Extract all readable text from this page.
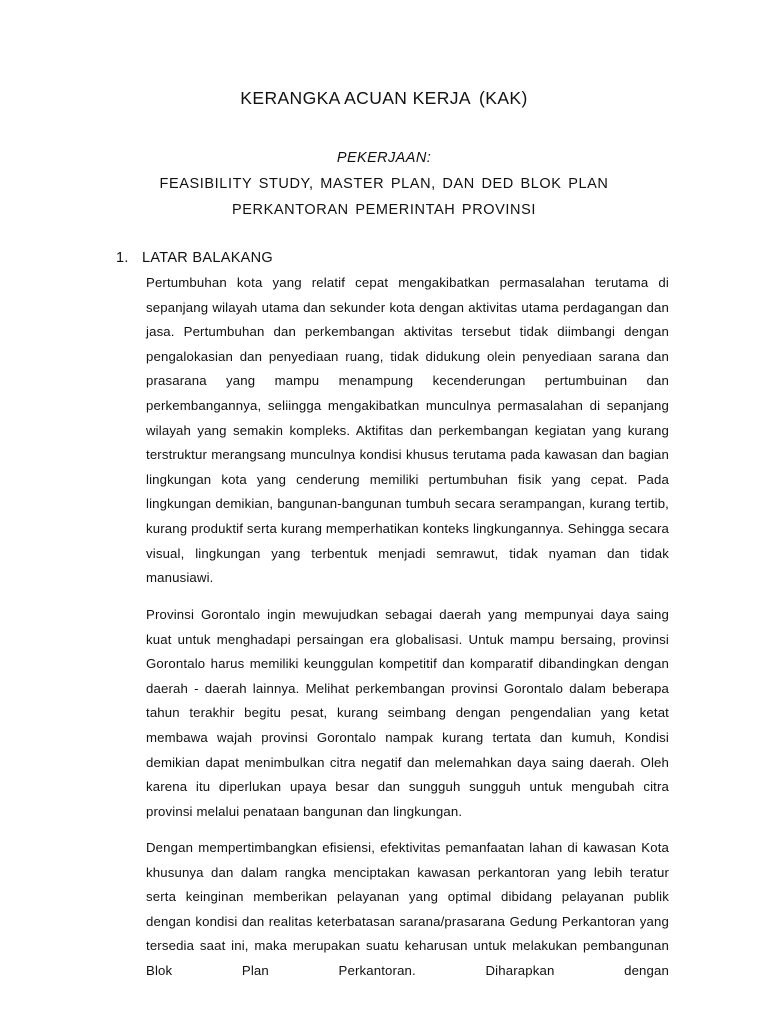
KERANGKA ACUAN KERJA (KAK)
PEKERJAAN:
FEASIBILITY STUDY, MASTER PLAN, DAN DED BLOK PLAN
PERKANTORAN PEMERINTAH PROVINSI
1. LATAR BALAKANG

Pertumbuhan kota yang relatif cepat mengakibatkan permasalahan terutama di sepanjang wilayah utama dan sekunder kota dengan aktivitas utama perdagangan dan jasa. Pertumbuhan dan perkembangan aktivitas tersebut tidak diimbangi dengan pengalokasian dan penyediaan ruang, tidak didukung olein penyediaan sarana dan prasarana yang mampu menampung kecenderungan pertumbuinan dan perkembangannya, seliingga mengakibatkan munculnya permasalahan di sepanjang wilayah yang semakin kompleks. Aktifitas dan perkembangan kegiatan yang kurang terstruktur merangsang munculnya kondisi khusus terutama pada kawasan dan bagian lingkungan kota yang cenderung memiliki pertumbuhan fisik yang cepat. Pada lingkungan demikian, bangunan-bangunan tumbuh secara serampangan, kurang tertib, kurang produktif serta kurang memperhatikan konteks lingkungannya. Sehingga secara visual, lingkungan yang terbentuk menjadi semrawut, tidak nyaman dan tidak manusiawi.

Provinsi Gorontalo ingin mewujudkan sebagai daerah yang mempunyai daya saing kuat untuk menghadapi persaingan era globalisasi. Untuk mampu bersaing, provinsi Gorontalo harus memiliki keunggulan kompetitif dan komparatif dibandingkan dengan daerah - daerah lainnya. Melihat perkembangan provinsi Gorontalo dalam beberapa tahun terakhir begitu pesat, kurang seimbang dengan pengendalian yang ketat membawa wajah provinsi Gorontalo nampak kurang tertata dan kumuh, Kondisi demikian dapat menimbulkan citra negatif dan melemahkan daya saing daerah. Oleh karena itu diperlukan upaya besar dan sungguh sungguh untuk mengubah citra provinsi melalui penataan bangunan dan lingkungan.

Dengan mempertimbangkan efisiensi, efektivitas pemanfaatan lahan di kawasan Kota khusunya dan dalam rangka menciptakan kawasan perkantoran yang lebih teratur serta keinginan memberikan pelayanan yang optimal dibidang pelayanan publik dengan kondisi dan realitas keterbatasan sarana/prasarana Gedung Perkantoran yang tersedia saat ini, maka merupakan suatu keharusan untuk melakukan pembangunan Blok Plan Perkantoran. Diharapkan dengan
